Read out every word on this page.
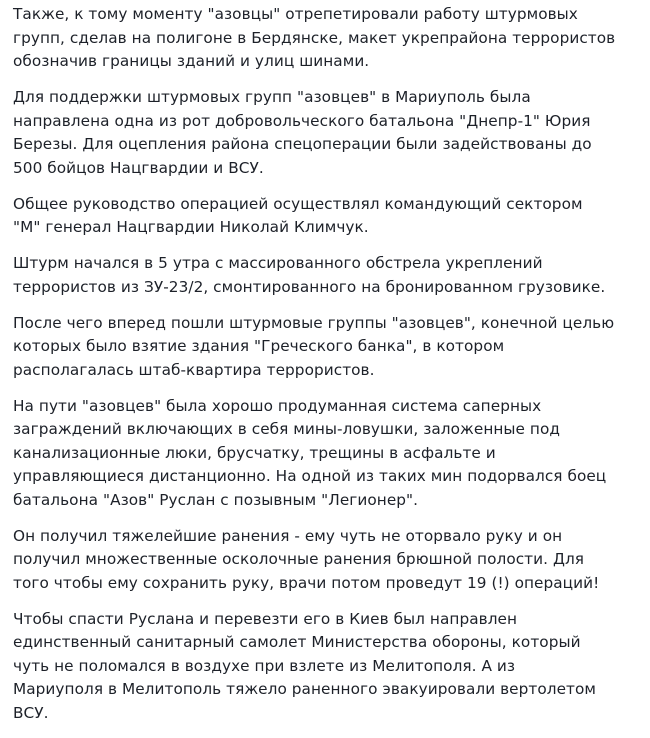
Также, к тому моменту "азовцы" отрепетировали работу штурмовых
групп, сделав на полигоне в Бердянске, макет укрепрайона террористов
обозначив границы зданий и улиц шинами.

Для поддержки штурмовых групп "азовцев" в Мариуполь была
направлена одна из рот добровольческого батальона "Днепр-1" Юрия
Березы. Для оцепления района спецоперации были задействованы до
500 бойцов Нацгвардии и ВСУ.

Общее руководство операцией осуществлял командующий сектором
"М" генерал Нацгвардии Николай Климчук.

Штурм начался в 5 утра с массированного обстрела укреплений
террористов из ЗУ-23/2, смонтированного на бронированном грузовике.

После чего вперед пошли штурмовые группы "азовцев", конечной целью
которых было взятие здания "Греческого банка", в котором
располагалась штаб-квартира террористов.

На пути "азовцев" была хорошо продуманная система саперных
заграждений включающих в себя мины-ловушки, заложенные под
канализационные люки, брусчатку, трещины в асфальте и
управляющиеся дистанционно. На одной из таких мин подорвался боец
батальона "Азов" Руслан с позывным "Легионер".

Он получил тяжелейшие ранения - ему чуть не оторвало руку и он
получил множественные осколочные ранения брюшной полости. Для
того чтобы ему сохранить руку, врачи потом проведут 19 (!) операций!

Чтобы спасти Руслана и перевезти его в Киев был направлен
единственный санитарный самолет Министерства обороны, который
чуть не поломался в воздухе при взлете из Мелитополя. А из
Мариуполя в Мелитополь тяжело раненного эвакуировали вертолетом
ВСУ.
